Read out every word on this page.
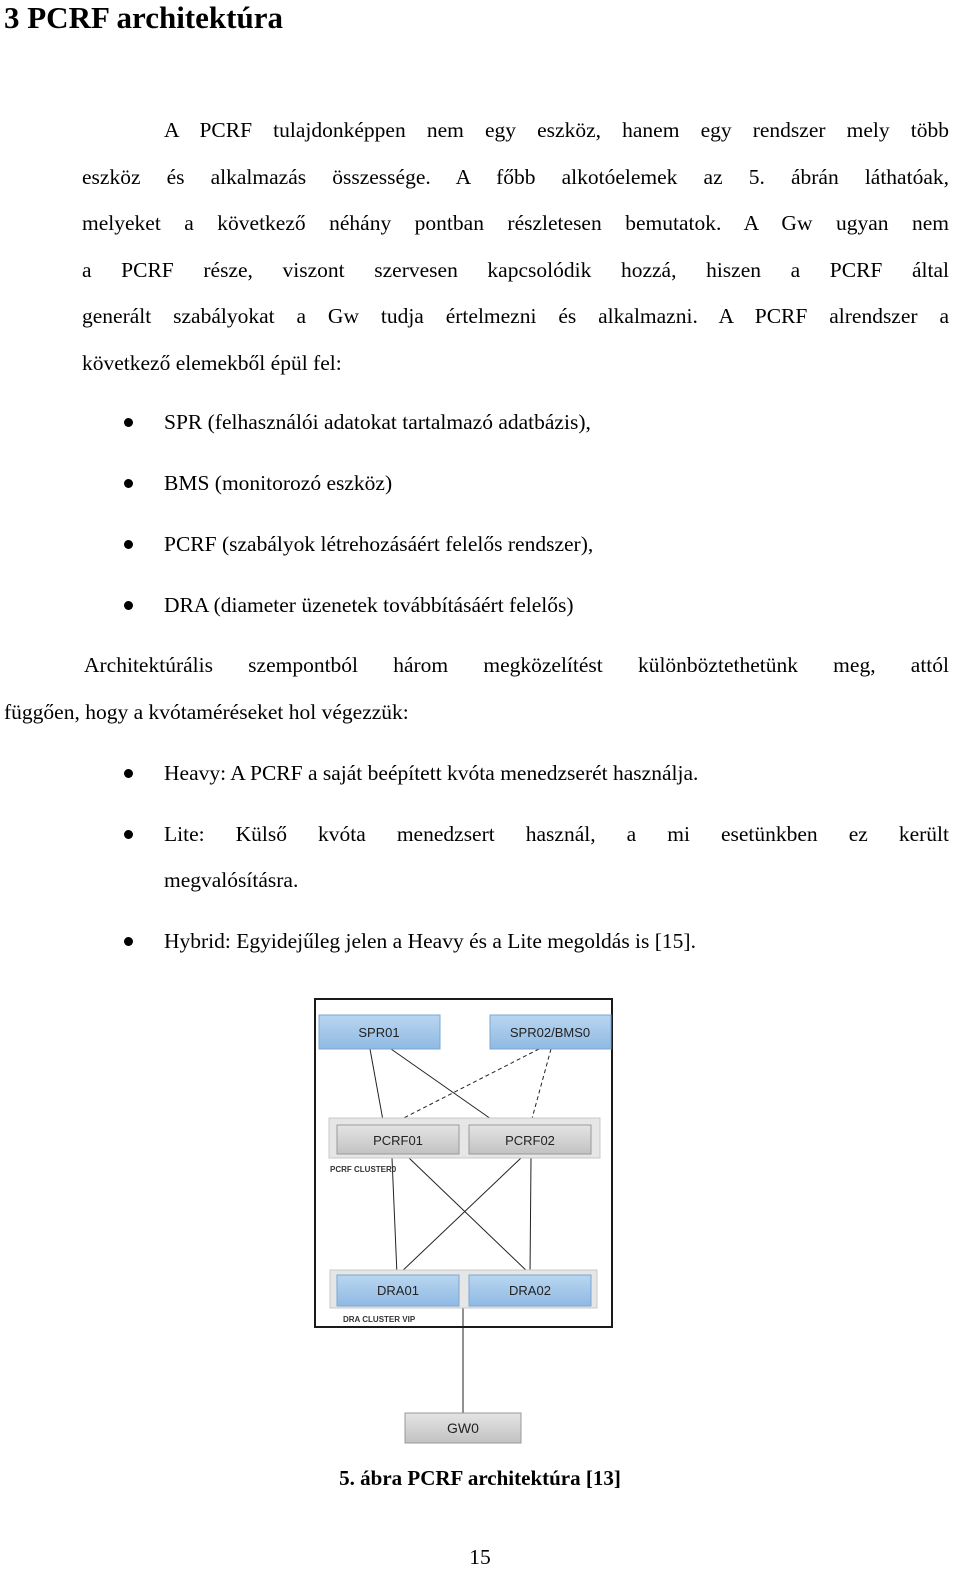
3 PCRF architektúra
A PCRF tulajdonképpen nem egy eszköz, hanem egy rendszer mely több
eszköz és alkalmazás összessége. A főbb alkotóelemek az 5. ábrán láthatóak,
melyeket a következő néhány pontban részletesen bemutatok. A Gw ugyan nem
a PCRF része, viszont szervesen kapcsolódik hozzá, hiszen a PCRF által
generált szabályokat a Gw tudja értelmezni és alkalmazni. A PCRF alrendszer a
következő elemekből épül fel:
SPR (felhasználói adatokat tartalmazó adatbázis),
BMS (monitorozó eszköz)
PCRF (szabályok létrehozásáért felelős rendszer),
DRA (diameter üzenetek továbbításáért felelős)
Architektúrális szempontból három megközelítést különböztethetünk meg, attól
függően, hogy a kvótaméréseket hol végezzük:
Heavy: A PCRF a saját beépített kvóta menedzserét használja.
Lite: Külső kvóta menedzsert használ, a mi esetünkben ez került
megvalósításra.
Hybrid: Egyidejűleg jelen a Heavy és a Lite megoldás is [15].
SPR01	SPR02/BMS0
PCRF01	PCRF02
PCRF CLUSTER0
DRA01	DRA02
DRA CLUSTER VIP
GW0
5. ábra PCRF architektúra [13]
15
